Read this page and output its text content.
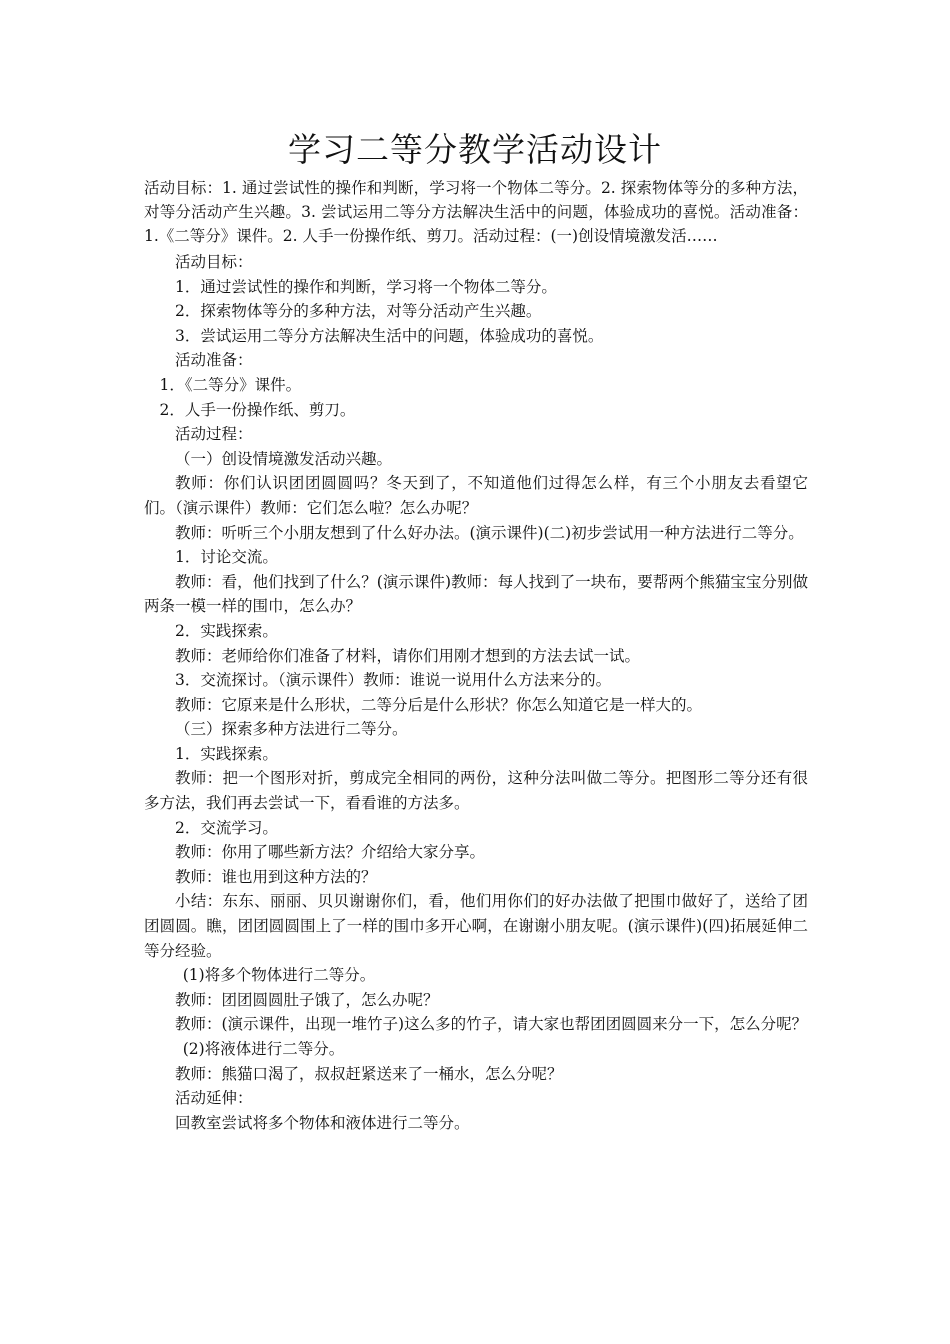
学习二等分教学活动设计
活动目标：1. 通过尝试性的操作和判断，学习将一个物体二等分。2. 探索物体等分的多种方法，对等分活动产生兴趣。3. 尝试运用二等分方法解决生活中的问题，体验成功的喜悦。活动准备：1.《二等分》课件。2. 人手一份操作纸、剪刀。活动过程：(一)创设情境激发活……

活动目标：

1．通过尝试性的操作和判断，学习将一个物体二等分。

2．探索物体等分的多种方法，对等分活动产生兴趣。

3．尝试运用二等分方法解决生活中的问题，体验成功的喜悦。

活动准备：

1．《二等分》课件。

2．人手一份操作纸、剪刀。

活动过程：

（一）创设情境激发活动兴趣。

教师：你们认识团团圆圆吗？冬天到了，不知道他们过得怎么样，有三个小朋友去看望它们。（演示课件）教师：它们怎么啦？怎么办呢？

教师：听听三个小朋友想到了什么好办法。(演示课件)(二)初步尝试用一种方法进行二等分。

1．讨论交流。

教师：看，他们找到了什么？(演示课件)教师：每人找到了一块布，要帮两个熊猫宝宝分别做两条一模一样的围巾，怎么办？

2．实践探索。

教师：老师给你们准备了材料，请你们用刚才想到的方法去试一试。

3．交流探讨。（演示课件）教师：谁说一说用什么方法来分的。

教师：它原来是什么形状，二等分后是什么形状？你怎么知道它是一样大的。

（三）探索多种方法进行二等分。

1．实践探索。

教师：把一个图形对折，剪成完全相同的两份，这种分法叫做二等分。把图形二等分还有很多方法，我们再去尝试一下，看看谁的方法多。

2．交流学习。

教师：你用了哪些新方法？介绍给大家分享。

教师：谁也用到这种方法的？

小结：东东、丽丽、贝贝谢谢你们，看，他们用你们的好办法做了把围巾做好了，送给了团团圆圆。瞧，团团圆圆围上了一样的围巾多开心啊，在谢谢小朋友呢。(演示课件)(四)拓展延伸二等分经验。

(1)将多个物体进行二等分。

教师：团团圆圆肚子饿了，怎么办呢？

教师：(演示课件，出现一堆竹子)这么多的竹子，请大家也帮团团圆圆来分一下，怎么分呢？

(2)将液体进行二等分。

教师：熊猫口渴了，叔叔赶紧送来了一桶水，怎么分呢？

活动延伸：

回教室尝试将多个物体和液体进行二等分。
